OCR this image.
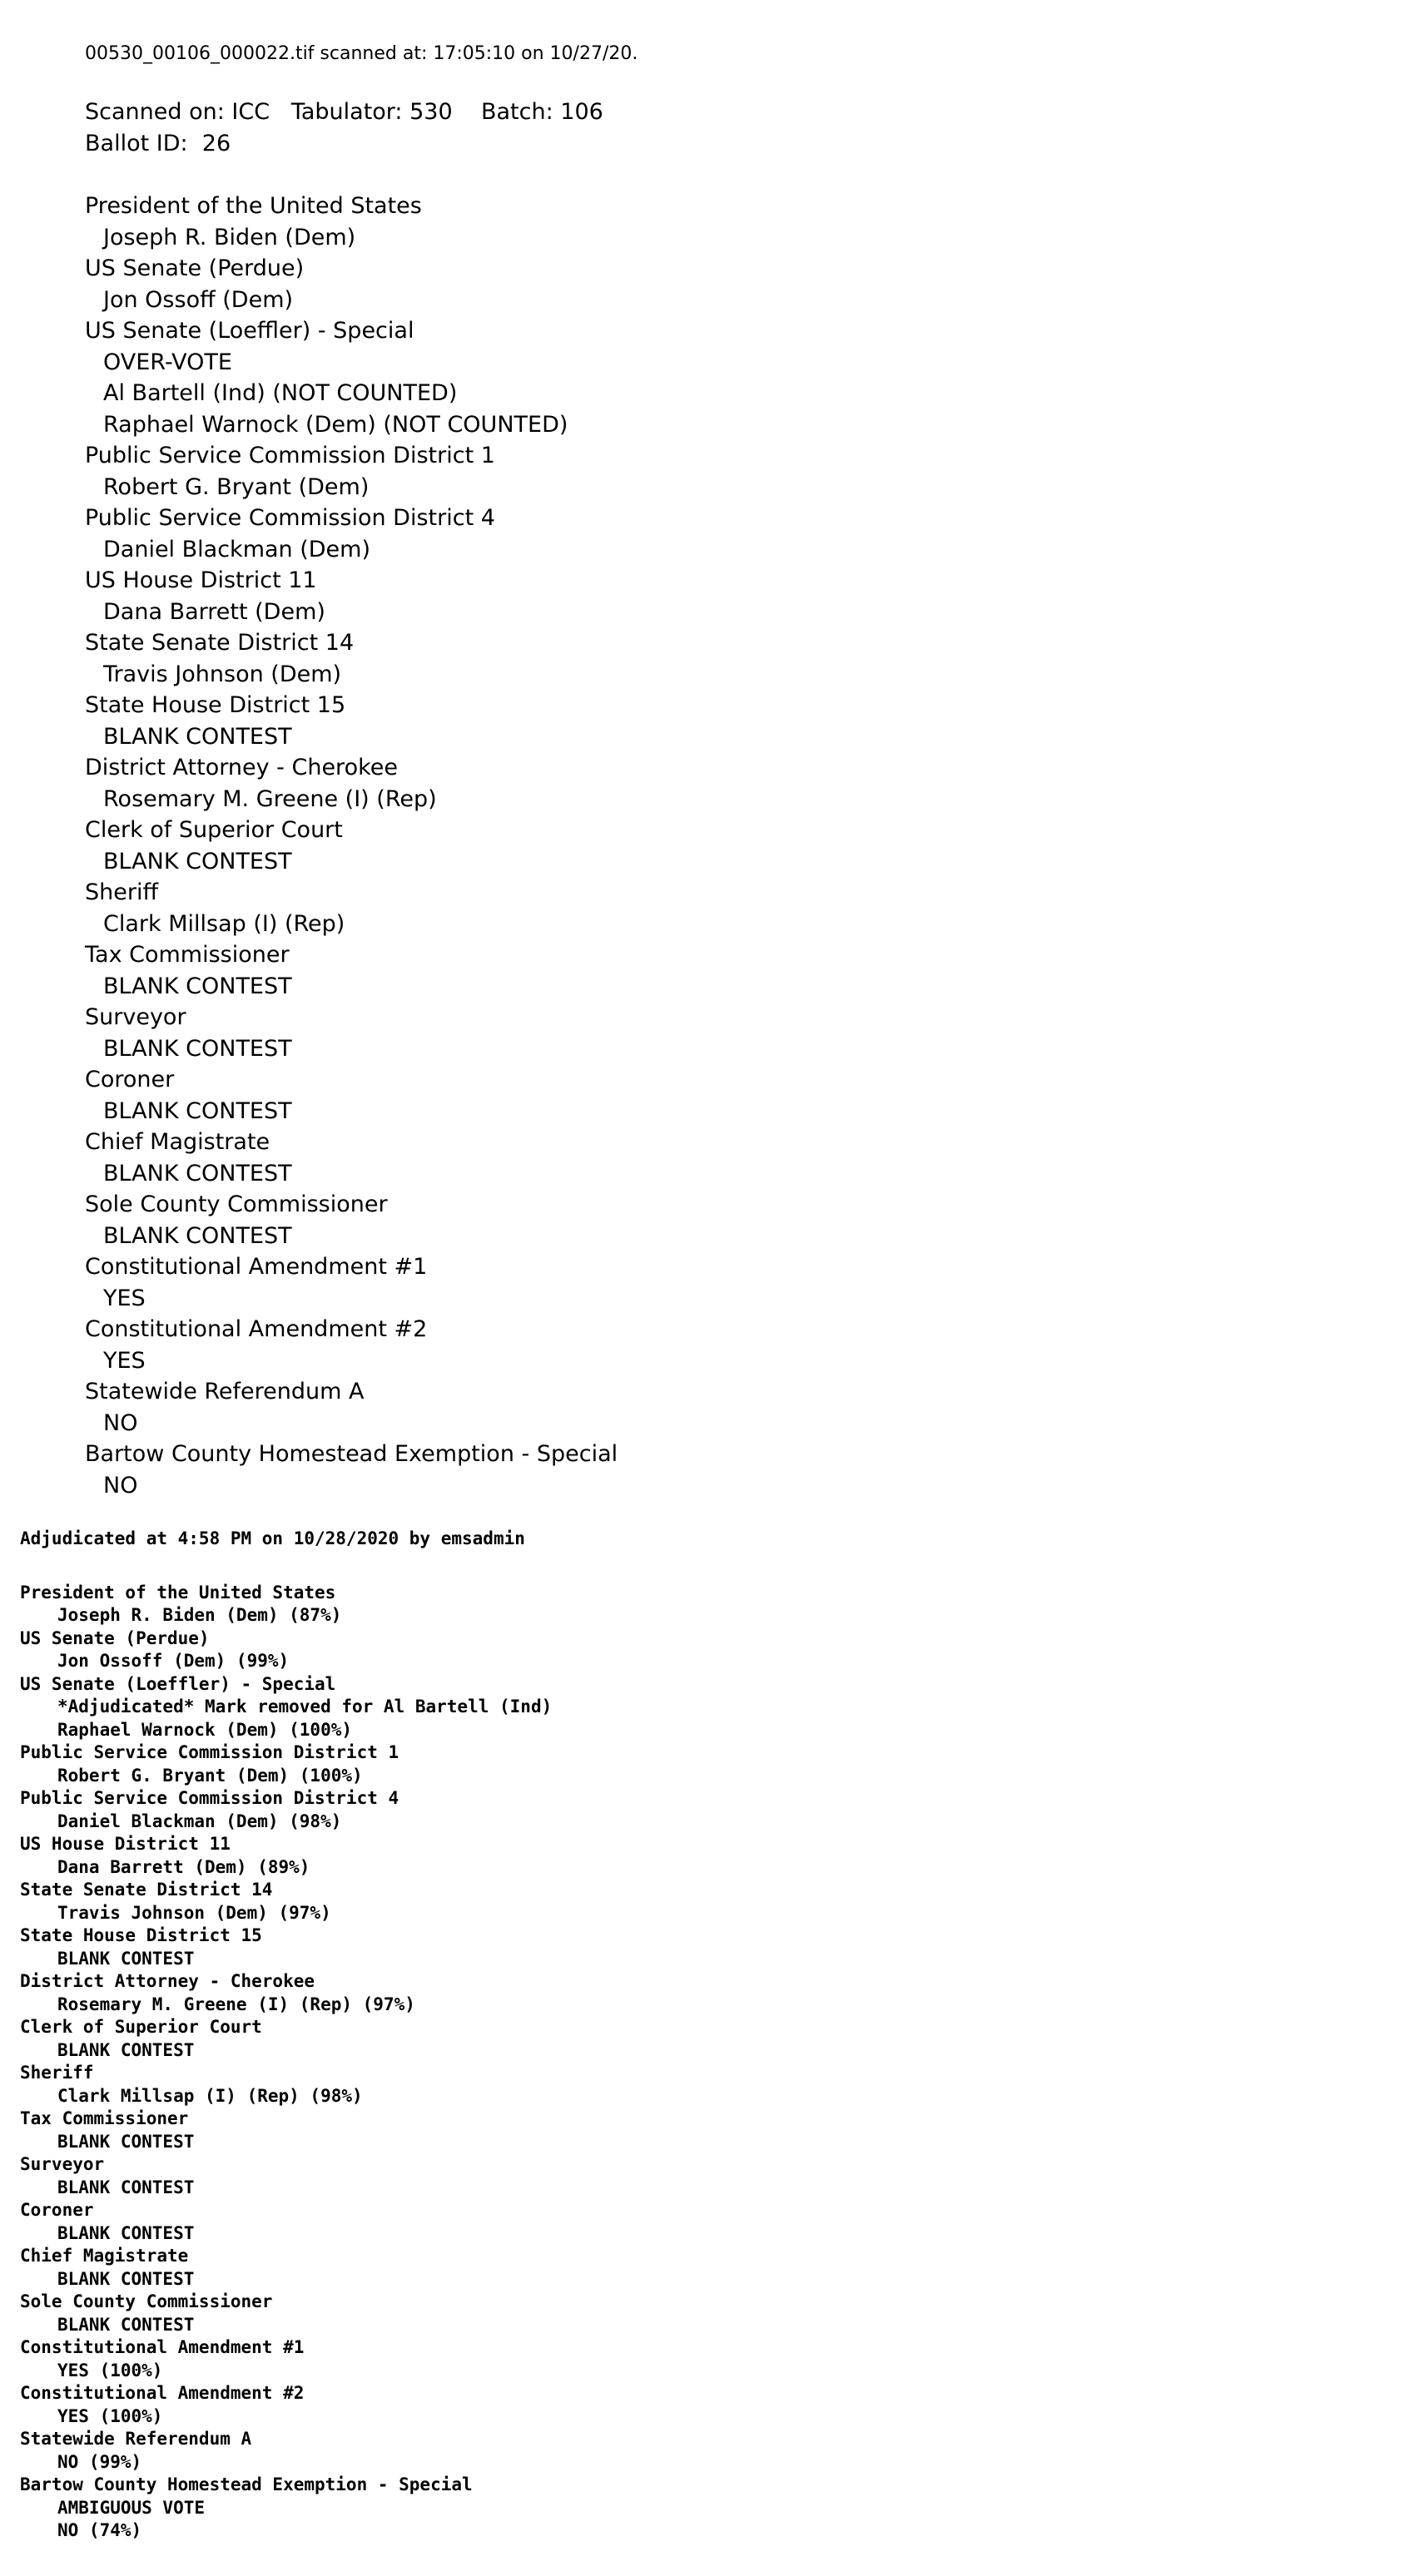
00530_00106_000022.tif scanned at: 17:05:10 on 10/27/20.
Scanned on: ICC Tabulator: 530 Batch: 106
Ballot ID:  26
President of the United States
Joseph R. Biden (Dem)
US Senate (Perdue)
Jon Ossoff (Dem)
US Senate (Loeffler) - Special
OVER-VOTE
Al Bartell (Ind) (NOT COUNTED)
Raphael Warnock (Dem) (NOT COUNTED)
Public Service Commission District 1
Robert G. Bryant (Dem)
Public Service Commission District 4
Daniel Blackman (Dem)
US House District 11
Dana Barrett (Dem)
State Senate District 14
Travis Johnson (Dem)
State House District 15
BLANK CONTEST
District Attorney - Cherokee
Rosemary M. Greene (I) (Rep)
Clerk of Superior Court
BLANK CONTEST
Sheriff
Clark Millsap (I) (Rep)
Tax Commissioner
BLANK CONTEST
Surveyor
BLANK CONTEST
Coroner
BLANK CONTEST
Chief Magistrate
BLANK CONTEST
Sole County Commissioner
BLANK CONTEST
Constitutional Amendment #1
YES
Constitutional Amendment #2
YES
Statewide Referendum A
NO
Bartow County Homestead Exemption - Special
NO
Adjudicated at 4:58 PM on 10/28/2020 by emsadmin
President of the United States
Joseph R. Biden (Dem) (87%)
US Senate (Perdue)
Jon Ossoff (Dem) (99%)
US Senate (Loeffler) - Special
*Adjudicated* Mark removed for Al Bartell (Ind)
Raphael Warnock (Dem) (100%)
Public Service Commission District 1
Robert G. Bryant (Dem) (100%)
Public Service Commission District 4
Daniel Blackman (Dem) (98%)
US House District 11
Dana Barrett (Dem) (89%)
State Senate District 14
Travis Johnson (Dem) (97%)
State House District 15
BLANK CONTEST
District Attorney - Cherokee
Rosemary M. Greene (I) (Rep) (97%)
Clerk of Superior Court
BLANK CONTEST
Sheriff
Clark Millsap (I) (Rep) (98%)
Tax Commissioner
BLANK CONTEST
Surveyor
BLANK CONTEST
Coroner
BLANK CONTEST
Chief Magistrate
BLANK CONTEST
Sole County Commissioner
BLANK CONTEST
Constitutional Amendment #1
YES (100%)
Constitutional Amendment #2
YES (100%)
Statewide Referendum A
NO (99%)
Bartow County Homestead Exemption - Special
AMBIGUOUS VOTE
NO (74%)
